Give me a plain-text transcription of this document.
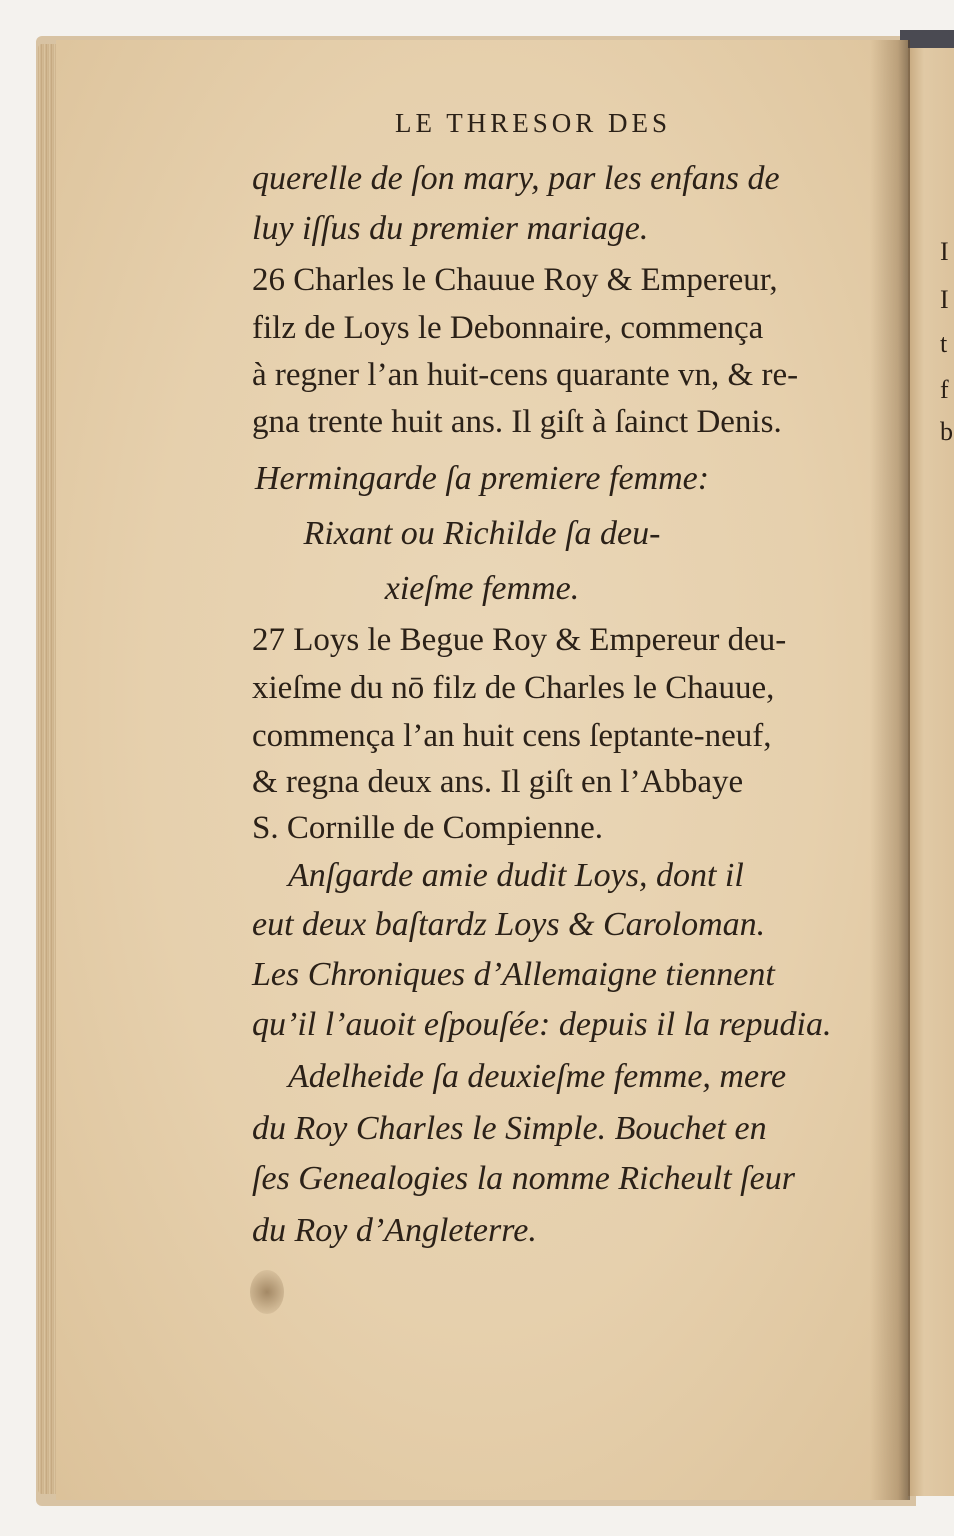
I
I
t
f
b
LE THRESOR DES
querelle de ſon mary, par les enfans de
luy iſſus du premier mariage.
26 Charles le Chauue Roy & Empereur,
filz de Loys le Debonnaire, commença
à regner l’an huit-cens quarante vn, & re-
gna trente huit ans. Il giſt à ſainct Denis.
Hermingarde ſa premiere femme:
Rixant ou Richilde ſa deu-
xieſme femme.
27 Loys le Begue Roy & Empereur deu-
xieſme du nō filz de Charles le Chauue,
commença l’an huit cens ſeptante-neuf,
& regna deux ans. Il giſt en l’Abbaye
S. Cornille de Compienne.
Anſgarde amie dudit Loys, dont il
eut deux baſtardz Loys & Caroloman.
Les Chroniques d’Allemaigne tiennent
qu’il l’auoit eſpouſée: depuis il la repudia.
Adelheide ſa deuxieſme femme, mere
du Roy Charles le Simple. Bouchet en
ſes Genealogies la nomme Richeult ſeur
du Roy d’Angleterre.
